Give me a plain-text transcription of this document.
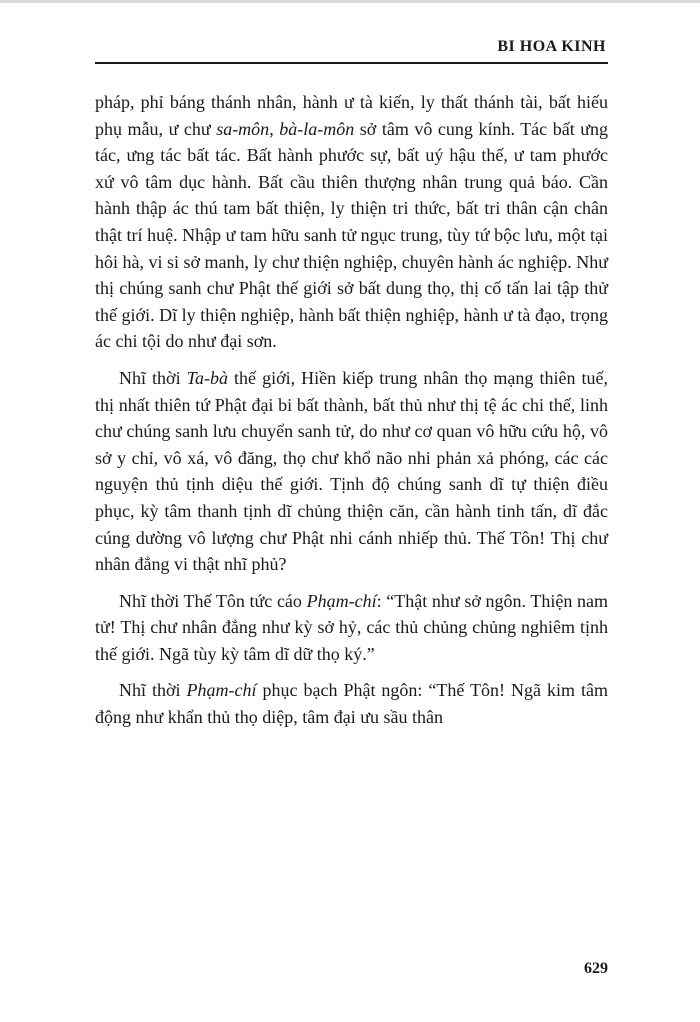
BI HOA KINH

pháp, phỉ báng thánh nhân, hành ư tà kiến, ly thất thánh tài, bất hiếu phụ mẫu, ư chư sa-môn, bà-la-môn sở tâm vô cung kính. Tác bất ưng tác, ưng tác bất tác. Bất hành phước sự, bất uý hậu thế, ư tam phước xứ vô tâm dục hành. Bất cầu thiên thượng nhân trung quả báo. Cần hành thập ác thú tam bất thiện, ly thiện tri thức, bất tri thân cận chân thật trí huệ. Nhập ư tam hữu sanh tử ngục trung, tùy tứ bộc lưu, một tại hôi hà, vi si sở manh, ly chư thiện nghiệp, chuyên hành ác nghiệp. Như thị chúng sanh chư Phật thế giới sở bất dung thọ, thị cố tấn lai tập thử thế giới. Dĩ ly thiện nghiệp, hành bất thiện nghiệp, hành ư tà đạo, trọng ác chi tội do như đại sơn.

Nhĩ thời Ta-bà thế giới, Hiền kiếp trung nhân thọ mạng thiên tuế, thị nhất thiên tứ Phật đại bi bất thành, bất thủ như thị tệ ác chi thế, linh chư chúng sanh lưu chuyển sanh tử, do như cơ quan vô hữu cứu hộ, vô sở y chỉ, vô xá, vô đăng, thọ chư khổ não nhi phản xả phóng, các các nguyện thủ tịnh diệu thế giới. Tịnh độ chúng sanh dĩ tự thiện điều phục, kỳ tâm thanh tịnh dĩ chủng thiện căn, cần hành tinh tấn, dĩ đắc cúng dường vô lượng chư Phật nhi cánh nhiếp thủ. Thế Tôn! Thị chư nhân đẳng vi thật nhĩ phủ?

Nhĩ thời Thế Tôn tức cáo Phạm-chí: “Thật như sở ngôn. Thiện nam tử! Thị chư nhân đẳng như kỳ sở hỷ, các thủ chủng chủng nghiêm tịnh thế giới. Ngã tùy kỳ tâm dĩ dữ thọ ký.”

Nhĩ thời Phạm-chí phục bạch Phật ngôn: “Thế Tôn! Ngã kim tâm động như khẩn thủ thọ diệp, tâm đại ưu sầu thân

629
